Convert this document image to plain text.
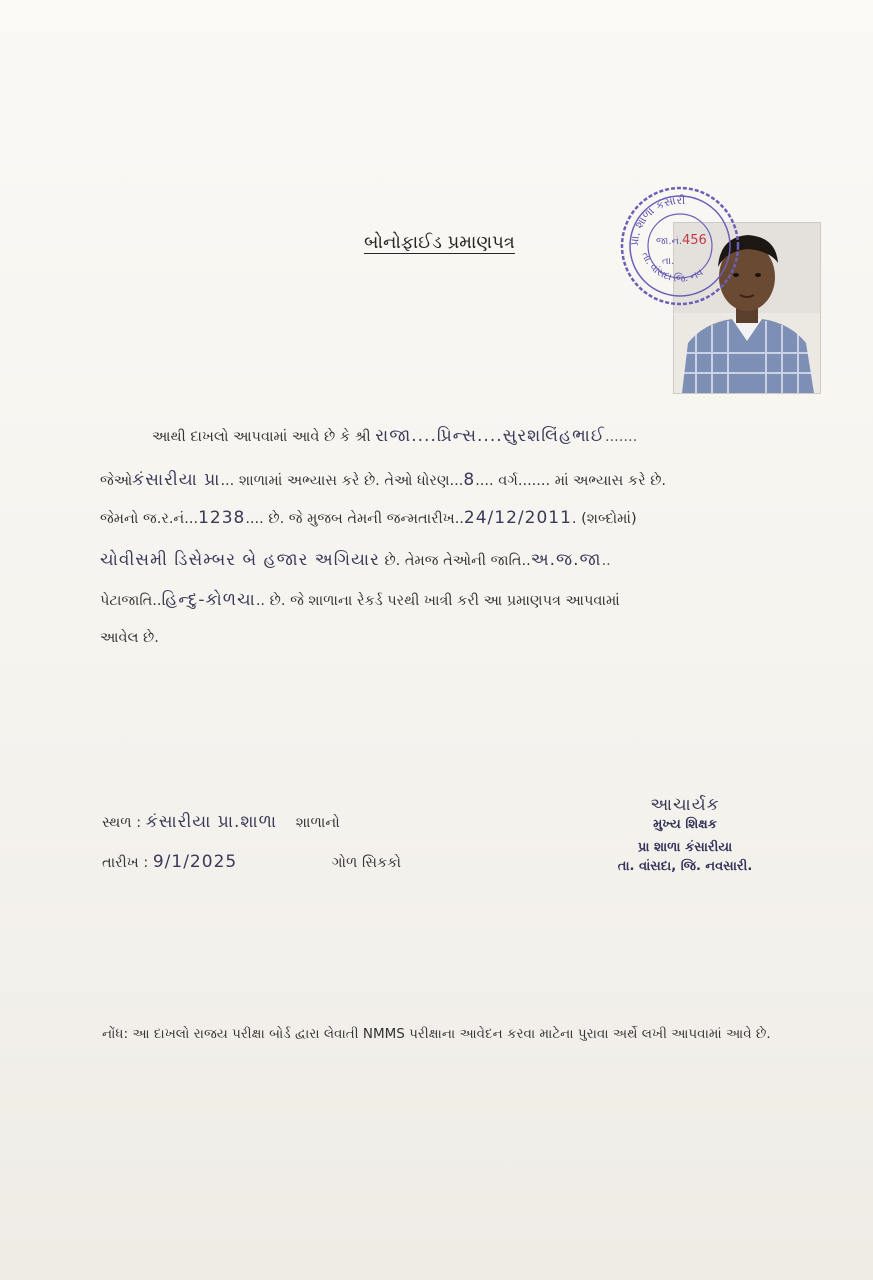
બોનોફાઈડ પ્રમાણપત્ર	પ્રા. શાળા કંસારી
તા. વાંસદા જિ. નવ
જા.નં. 456
તા.
આથી દાખલો આપવામાં આવે છે કે શ્રી રાજા....પ્રિન્સ....સુરશલિંહભાઈ.......
જેઓકંસારીયા પ્રા... શાળામાં અભ્યાસ કરે છે. તેઓ ધોરણ...8.... વર્ગ....... માં અભ્યાસ કરે છે.
જેમનો જ.ર.નં...1238.... છે. જે મુજબ તેમની જન્મતારીખ..24/12/2011. (શબ્દોમાં)
ચોવીસમી ડિસેમ્બર બે હજાર અગિયાર છે. તેમજ તેઓની જાતિ..અ.જ.જા..
પેટાજાતિ..હિન્દુ-કોળચા.. છે. જે શાળાના રેકર્ડ પરથી ખાત્રી કરી આ પ્રમાણપત્ર આપવામાં
આવેલ છે.
સ્થળ : કંસારીયા પ્રા.શાળા શાળાનો
તારીખ : 9/1/2025	ગોળ સિકકો
આચાર્યક
મુખ્ય શિક્ષક
પ્રા શાળા કંસારીયા
તા. વાંસદા, જિ. નવસારી.
નોંધ: આ દાખલો રાજય પરીક્ષા બોર્ડ દ્વારા લેવાતી NMMS પરીક્ષાના આવેદન કરવા માટેના પુરાવા અર્થે લખી આપવામાં આવે છે.
